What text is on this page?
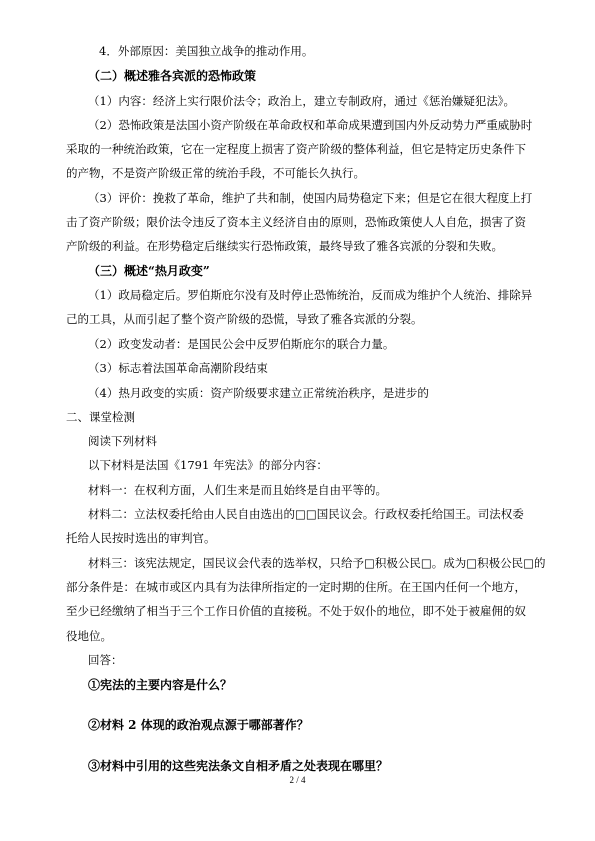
4．外部原因：美国独立战争的推动作用。
（二）概述雅各宾派的恐怖政策
（1）内容：经济上实行限价法令；政治上，建立专制政府，通过《惩治嫌疑犯法》。
（2）恐怖政策是法国小资产阶级在革命政权和革命成果遭到国内外反动势力严重威胁时
采取的一种统治政策，它在一定程度上损害了资产阶级的整体利益，但它是特定历史条件下
的产物，不是资产阶级正常的统治手段，不可能长久执行。
（3）评价：挽救了革命，维护了共和制，使国内局势稳定下来；但是它在很大程度上打
击了资产阶级；限价法令违反了资本主义经济自由的原则，恐怖政策使人人自危，损害了资
产阶级的利益。在形势稳定后继续实行恐怖政策，最终导致了雅各宾派的分裂和失败。
（三）概述“热月政变”
（1）政局稳定后。罗伯斯庇尔没有及时停止恐怖统治，反而成为维护个人统治、排除异
己的工具，从而引起了整个资产阶级的恐慌，导致了雅各宾派的分裂。
（2）政变发动者：是国民公会中反罗伯斯庇尔的联合力量。
（3）标志着法国革命高潮阶段结束
（4）热月政变的实质：资产阶级要求建立正常统治秩序，是进步的
二、课堂检测
阅读下列材料
以下材料是法国《1791 年宪法》的部分内容：
材料一：在权利方面，人们生来是而且始终是自由平等的。
材料二：立法权委托给由人民自由选出的□□国民议会。行政权委托给国王。司法权委
托给人民按时选出的审判官。
材料三：该宪法规定，国民议会代表的选举权，只给予□积极公民□。成为□积极公民□的
部分条件是：在城市或区内具有为法律所指定的一定时期的住所。在王国内任何一个地方，
至少已经缴纳了相当于三个工作日价值的直接税。不处于奴仆的地位，即不处于被雇佣的奴
役地位。
回答：
①宪法的主要内容是什么？
②材料 2 体现的政治观点源于哪部著作？
③材料中引用的这些宪法条文自相矛盾之处表现在哪里？
2 / 4
